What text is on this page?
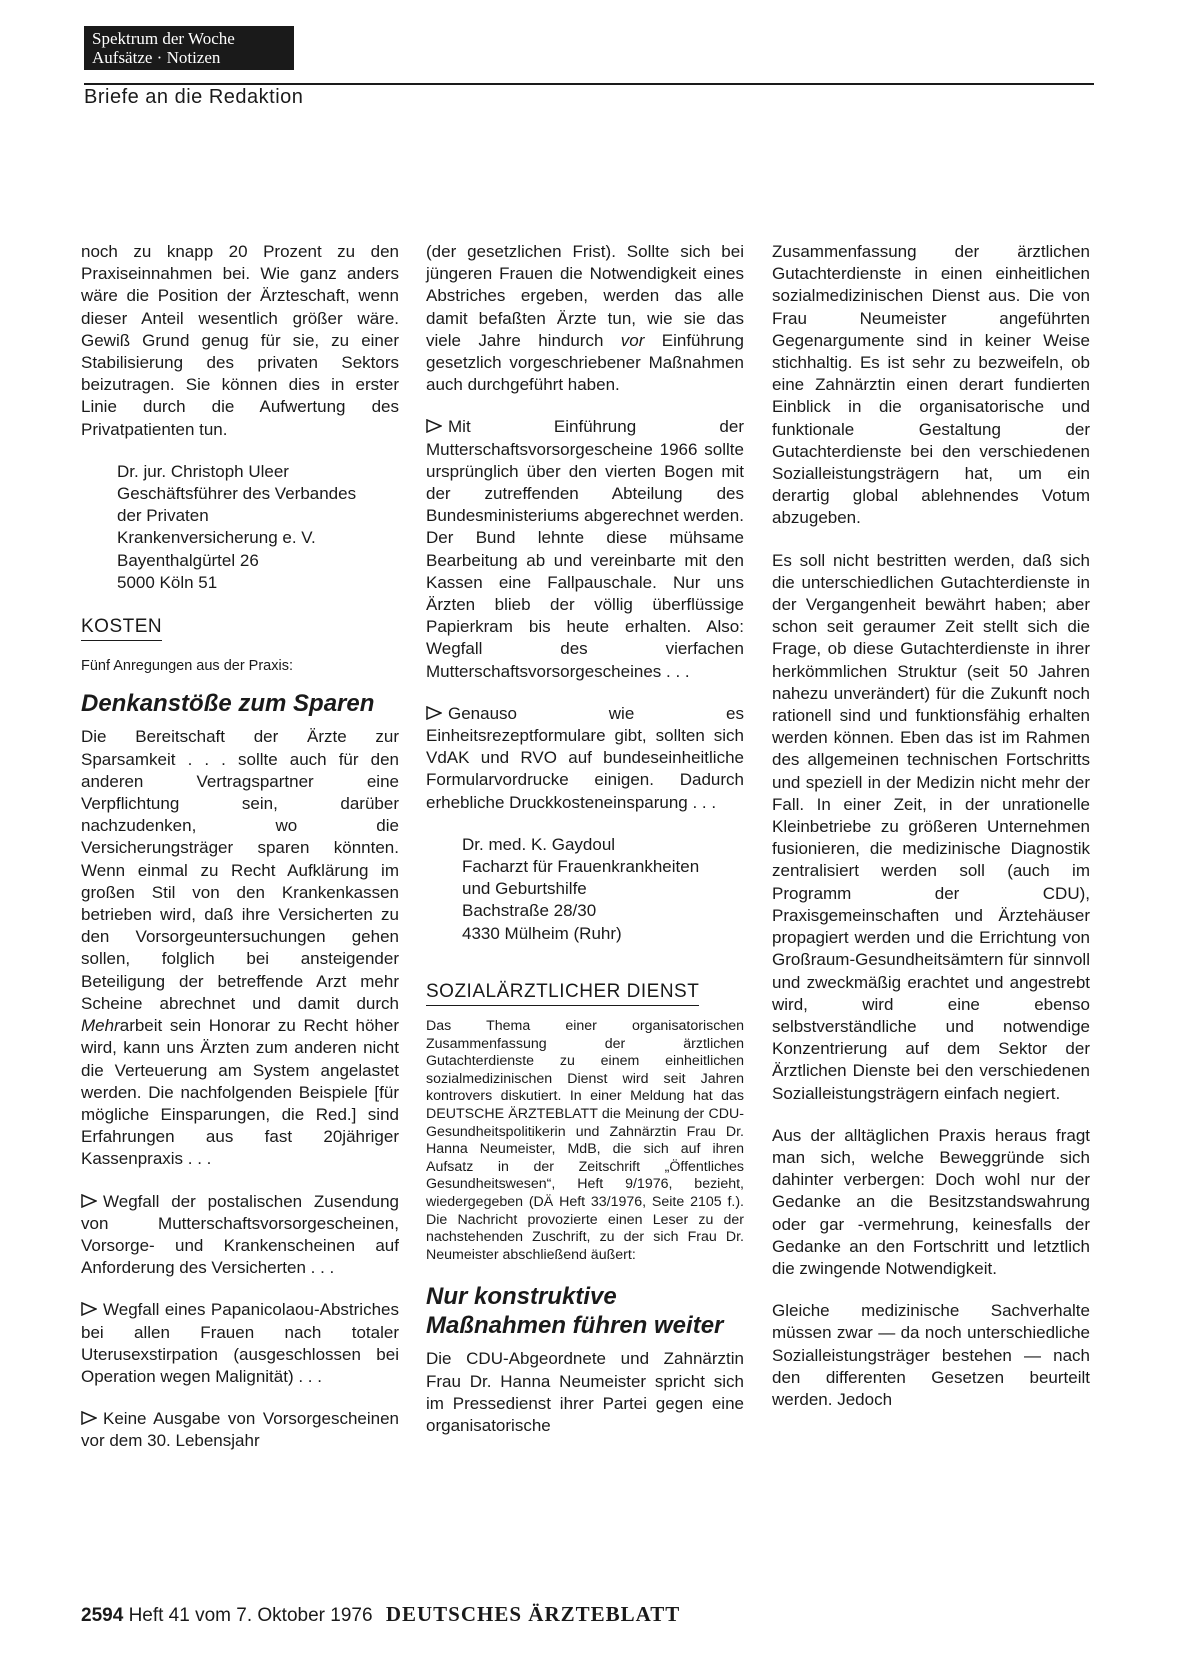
Spektrum der Woche
Aufsätze · Notizen
Briefe an die Redaktion

noch zu knapp 20 Prozent zu den Praxiseinnahmen bei. Wie ganz anders wäre die Position der Ärzteschaft, wenn dieser Anteil wesentlich größer wäre. Gewiß Grund genug für sie, zu einer Stabilisierung des privaten Sektors beizutragen. Sie können dies in erster Linie durch die Aufwertung des Privatpatienten tun.

Dr. jur. Christoph Uleer
Geschäftsführer des Verbandes
der Privaten
Krankenversicherung e. V.
Bayenthalgürtel 26
5000 Köln 51
KOSTEN
Fünf Anregungen aus der Praxis:
Denkanstöße zum Sparen

Die Bereitschaft der Ärzte zur Sparsamkeit . . . sollte auch für den anderen Vertragspartner eine Verpflichtung sein, darüber nachzudenken, wo die Versicherungsträger sparen könnten. Wenn einmal zu Recht Aufklärung im großen Stil von den Krankenkassen betrieben wird, daß ihre Versicherten zu den Vorsorgeuntersuchungen gehen sollen, folglich bei ansteigender Beteiligung der betreffende Arzt mehr Scheine abrechnet und damit durch Mehrarbeit sein Honorar zu Recht höher wird, kann uns Ärzten zum anderen nicht die Verteuerung am System angelastet werden. Die nachfolgenden Beispiele [für mögliche Einsparungen, die Red.] sind Erfahrungen aus fast 20jähriger Kassenpraxis . . .

Wegfall der postalischen Zusendung von Mutterschaftsvorsorgescheinen, Vorsorge- und Krankenscheinen auf Anforderung des Versicherten . . .

Wegfall eines Papanicolaou-Abstriches bei allen Frauen nach totaler Uterusexstirpation (ausgeschlossen bei Operation wegen Malignität) . . .

Keine Ausgabe von Vorsorgescheinen vor dem 30. Lebensjahr

(der gesetzlichen Frist). Sollte sich bei jüngeren Frauen die Notwendigkeit eines Abstriches ergeben, werden das alle damit befaßten Ärzte tun, wie sie das viele Jahre hindurch vor Einführung gesetzlich vorgeschriebener Maßnahmen auch durchgeführt haben.

Mit Einführung der Mutterschaftsvorsorgescheine 1966 sollte ursprünglich über den vierten Bogen mit der zutreffenden Abteilung des Bundesministeriums abgerechnet werden. Der Bund lehnte diese mühsame Bearbeitung ab und vereinbarte mit den Kassen eine Fallpauschale. Nur uns Ärzten blieb der völlig überflüssige Papierkram bis heute erhalten. Also: Wegfall des vierfachen Mutterschaftsvorsorgescheines . . .

Genauso wie es Einheitsrezeptformulare gibt, sollten sich VdAK und RVO auf bundeseinheitliche Formularvordrucke einigen. Dadurch erhebliche Druckkosteneinsparung . . .

Dr. med. K. Gaydoul
Facharzt für Frauenkrankheiten
und Geburtshilfe
Bachstraße 28/30
4330 Mülheim (Ruhr)
SOZIALÄRZTLICHER DIENST
Das Thema einer organisatorischen Zusammenfassung der ärztlichen Gutachterdienste zu einem einheitlichen sozialmedizinischen Dienst wird seit Jahren kontrovers diskutiert. In einer Meldung hat das DEUTSCHE ÄRZTEBLATT die Meinung der CDU-Gesundheitspolitikerin und Zahnärztin Frau Dr. Hanna Neumeister, MdB, die sich auf ihren Aufsatz in der Zeitschrift „Öffentliches Gesundheitswesen“, Heft 9/1976, bezieht, wiedergegeben (DÄ Heft 33/1976, Seite 2105 f.). Die Nachricht provozierte einen Leser zu der nachstehenden Zuschrift, zu der sich Frau Dr. Neumeister abschließend äußert:
Nur konstruktive
Maßnahmen führen weiter

Die CDU-Abgeordnete und Zahnärztin Frau Dr. Hanna Neumeister spricht sich im Pressedienst ihrer Partei gegen eine organisatorische

Zusammenfassung der ärztlichen Gutachterdienste in einen einheitlichen sozialmedizinischen Dienst aus. Die von Frau Neumeister angeführten Gegenargumente sind in keiner Weise stichhaltig. Es ist sehr zu bezweifeln, ob eine Zahnärztin einen derart fundierten Einblick in die organisatorische und funktionale Gestaltung der Gutachterdienste bei den verschiedenen Sozialleistungsträgern hat, um ein derartig global ablehnendes Votum abzugeben.

Es soll nicht bestritten werden, daß sich die unterschiedlichen Gutachterdienste in der Vergangenheit bewährt haben; aber schon seit geraumer Zeit stellt sich die Frage, ob diese Gutachterdienste in ihrer herkömmlichen Struktur (seit 50 Jahren nahezu unverändert) für die Zukunft noch rationell sind und funktionsfähig erhalten werden können. Eben das ist im Rahmen des allgemeinen technischen Fortschritts und speziell in der Medizin nicht mehr der Fall. In einer Zeit, in der unrationelle Kleinbetriebe zu größeren Unternehmen fusionieren, die medizinische Diagnostik zentralisiert werden soll (auch im Programm der CDU), Praxisgemeinschaften und Ärztehäuser propagiert werden und die Errichtung von Großraum-Gesundheitsämtern für sinnvoll und zweckmäßig erachtet und angestrebt wird, wird eine ebenso selbstverständliche und notwendige Konzentrierung auf dem Sektor der Ärztlichen Dienste bei den verschiedenen Sozialleistungsträgern einfach negiert.

Aus der alltäglichen Praxis heraus fragt man sich, welche Beweggründe sich dahinter verbergen: Doch wohl nur der Gedanke an die Besitzstandswahrung oder gar -vermehrung, keinesfalls der Gedanke an den Fortschritt und letztlich die zwingende Notwendigkeit.

Gleiche medizinische Sachverhalte müssen zwar — da noch unterschiedliche Sozialleistungsträger bestehen — nach den differenten Gesetzen beurteilt werden. Jedoch

2594 Heft 41 vom 7. Oktober 1976 DEUTSCHES ÄRZTEBLATT
